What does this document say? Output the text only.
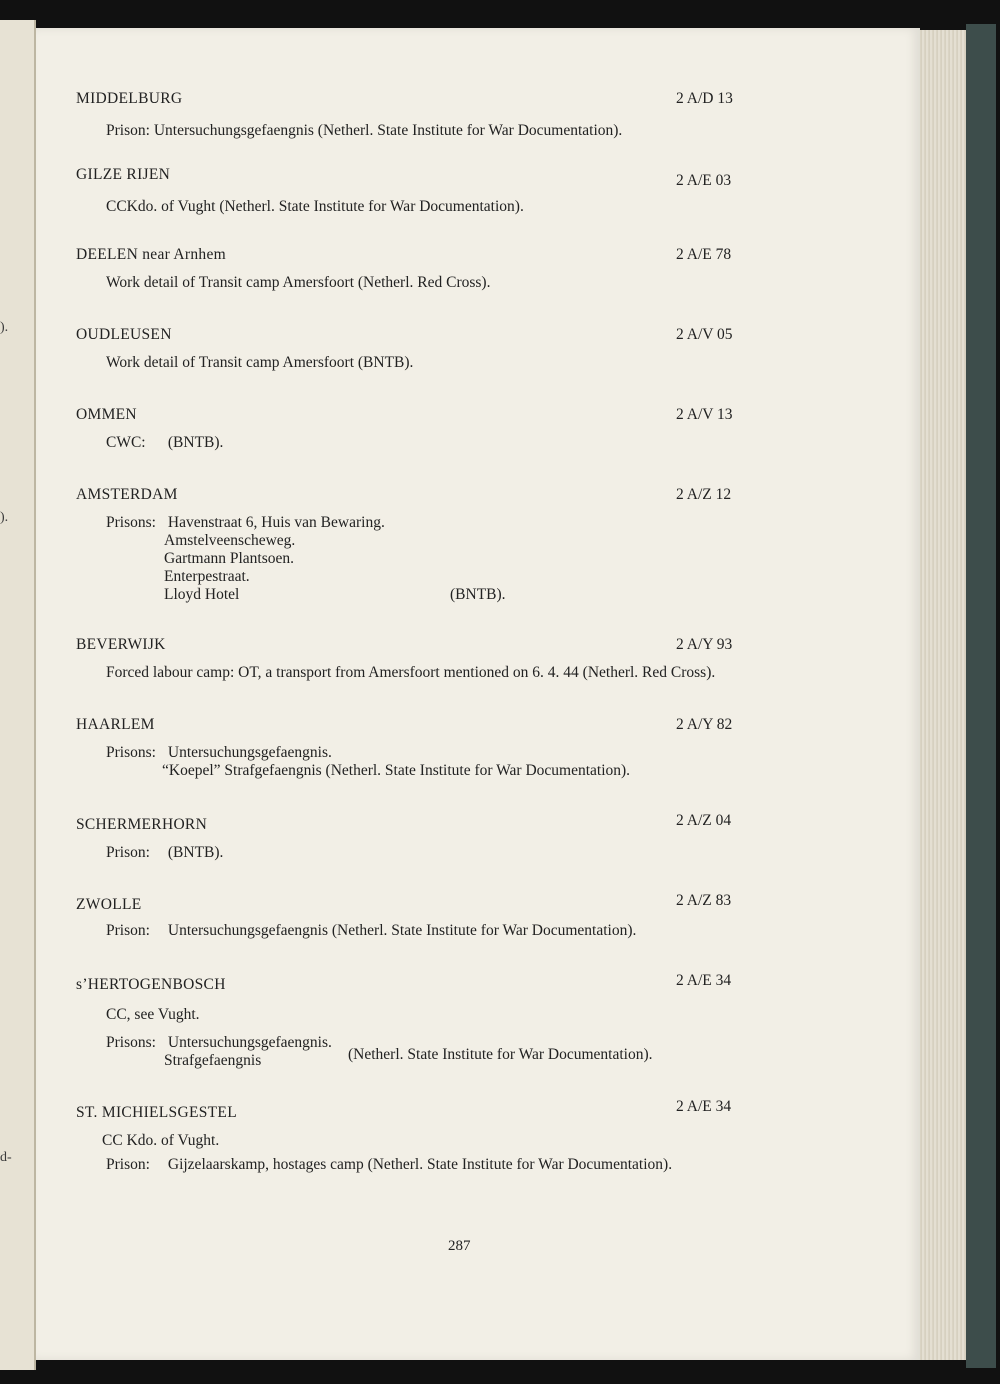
).
).
d-
MIDDELBURG	2 A/D 13
Prison: Untersuchungsgefaengnis (Netherl. State Institute for War Documentation).
GILZE RIJEN	2 A/E 03
CCKdo. of Vught (Netherl. State Institute for War Documentation).
DEELEN near Arnhem	2 A/E 78
Work detail of Transit camp Amersfoort (Netherl. Red Cross).
OUDLEUSEN	2 A/V 05
Work detail of Transit camp Amersfoort (BNTB).
OMMEN	2 A/V 13
CWC: (BNTB).
AMSTERDAM	2 A/Z 12
Prisons: Havenstraat 6, Huis van Bewaring.
Amstelveenscheweg.
Gartmann Plantsoen.
Enterpestraat.
Lloyd Hotel	(BNTB).
BEVERWIJK	2 A/Y 93
Forced labour camp: OT, a transport from Amersfoort mentioned on 6. 4. 44 (Netherl. Red Cross).
HAARLEM	2 A/Y 82
Prisons: Untersuchungsgefaengnis.
“Koepel” Strafgefaengnis (Netherl. State Institute for War Documentation).
SCHERMERHORN	2 A/Z 04
Prison: (BNTB).
ZWOLLE	2 A/Z 83
Prison: Untersuchungsgefaengnis (Netherl. State Institute for War Documentation).
s’HERTOGENBOSCH	2 A/E 34
CC, see Vught.
Prisons: Untersuchungsgefaengnis.
Strafgefaengnis	(Netherl. State Institute for War Documentation).
ST. MICHIELSGESTEL	2 A/E 34
CC Kdo. of Vught.
Prison: Gijzelaarskamp, hostages camp (Netherl. State Institute for War Documentation).
287
